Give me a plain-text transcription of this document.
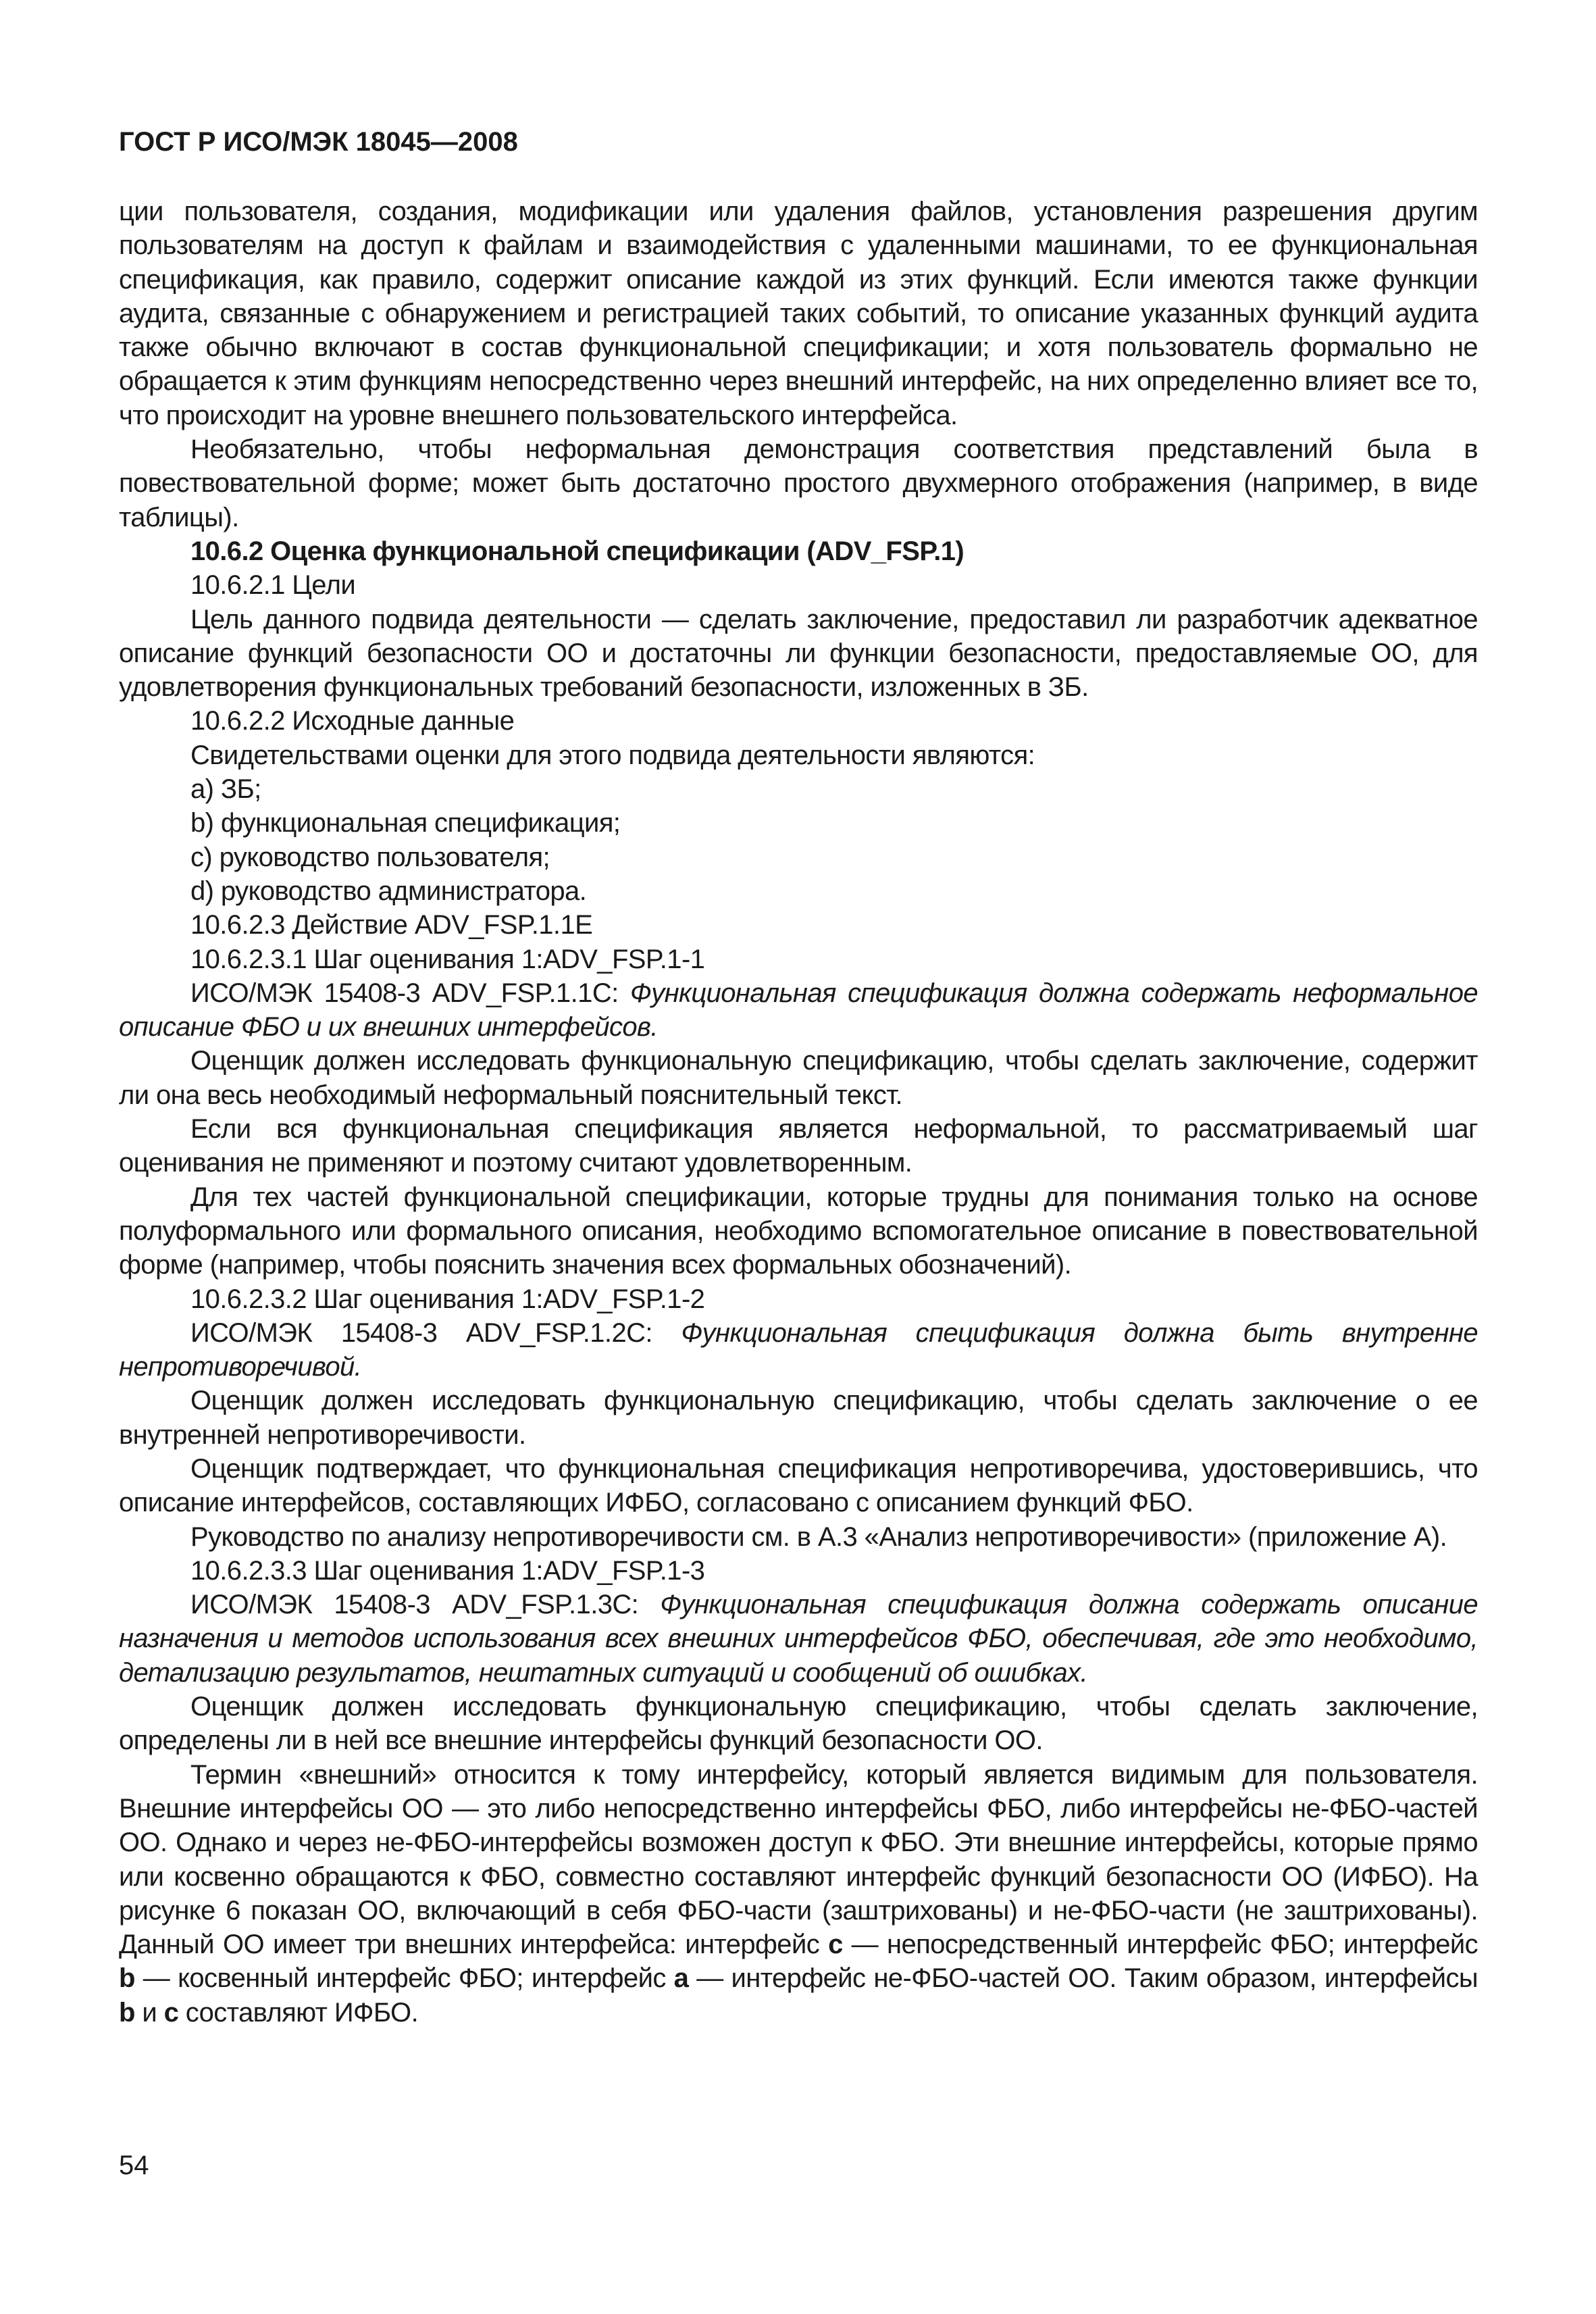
ГОСТ Р ИСО/МЭК 18045—2008

ции пользователя, создания, модификации или удаления файлов, установления разрешения другим пользователям на доступ к файлам и взаимодействия с удаленными машинами, то ее функциональная спецификация, как правило, содержит описание каждой из этих функций. Если имеются также функции аудита, связанные с обнаружением и регистрацией таких событий, то описание указанных функций аудита также обычно включают в состав функциональной спецификации; и хотя пользователь формально не обращается к этим функциям непосредственно через внешний интерфейс, на них определенно влияет все то, что происходит на уровне внешнего пользовательского интерфейса.

Необязательно, чтобы неформальная демонстрация соответствия представлений была в повествовательной форме; может быть достаточно простого двухмерного отображения (например, в виде таблицы).

10.6.2 Оценка функциональной спецификации (ADV_FSP.1)

10.6.2.1 Цели

Цель данного подвида деятельности — сделать заключение, предоставил ли разработчик адекватное описание функций безопасности ОО и достаточны ли функции безопасности, предоставляемые ОО, для удовлетворения функциональных требований безопасности, изложенных в ЗБ.

10.6.2.2 Исходные данные

Свидетельствами оценки для этого подвида деятельности являются:

a) ЗБ;

b) функциональная спецификация;

c) руководство пользователя;

d) руководство администратора.

10.6.2.3 Действие ADV_FSP.1.1E

10.6.2.3.1 Шаг оценивания 1:ADV_FSP.1-1

ИСО/МЭК 15408-3 ADV_FSP.1.1C: Функциональная спецификация должна содержать неформальное описание ФБО и их внешних интерфейсов.

Оценщик должен исследовать функциональную спецификацию, чтобы сделать заключение, содержит ли она весь необходимый неформальный пояснительный текст.

Если вся функциональная спецификация является неформальной, то рассматриваемый шаг оценивания не применяют и поэтому считают удовлетворенным.

Для тех частей функциональной спецификации, которые трудны для понимания только на основе полуформального или формального описания, необходимо вспомогательное описание в повествовательной форме (например, чтобы пояснить значения всех формальных обозначений).

10.6.2.3.2 Шаг оценивания 1:ADV_FSP.1-2

ИСО/МЭК 15408-3 ADV_FSP.1.2C: Функциональная спецификация должна быть внутренне непротиворечивой.

Оценщик должен исследовать функциональную спецификацию, чтобы сделать заключение о ее внутренней непротиворечивости.

Оценщик подтверждает, что функциональная спецификация непротиворечива, удостоверившись, что описание интерфейсов, составляющих ИФБО, согласовано с описанием функций ФБО.

Руководство по анализу непротиворечивости см. в А.3 «Анализ непротиворечивости» (приложение А).

10.6.2.3.3 Шаг оценивания 1:ADV_FSP.1-3

ИСО/МЭК 15408-3 ADV_FSP.1.3C: Функциональная спецификация должна содержать описание назначения и методов использования всех внешних интерфейсов ФБО, обеспечивая, где это необходимо, детализацию результатов, нештатных ситуаций и сообщений об ошибках.

Оценщик должен исследовать функциональную спецификацию, чтобы сделать заключение, определены ли в ней все внешние интерфейсы функций безопасности ОО.

Термин «внешний» относится к тому интерфейсу, который является видимым для пользователя. Внешние интерфейсы ОО — это либо непосредственно интерфейсы ФБО, либо интерфейсы не-ФБО-частей ОО. Однако и через не-ФБО-интерфейсы возможен доступ к ФБО. Эти внешние интерфейсы, которые прямо или косвенно обращаются к ФБО, совместно составляют интерфейс функций безопасности ОО (ИФБО). На рисунке 6 показан ОО, включающий в себя ФБО-части (заштрихованы) и не-ФБО-части (не заштрихованы). Данный ОО имеет три внешних интерфейса: интерфейс c — непосредственный интерфейс ФБО; интерфейс b — косвенный интерфейс ФБО; интерфейс a — интерфейс не-ФБО-частей ОО. Таким образом, интерфейсы b и c составляют ИФБО.

54
